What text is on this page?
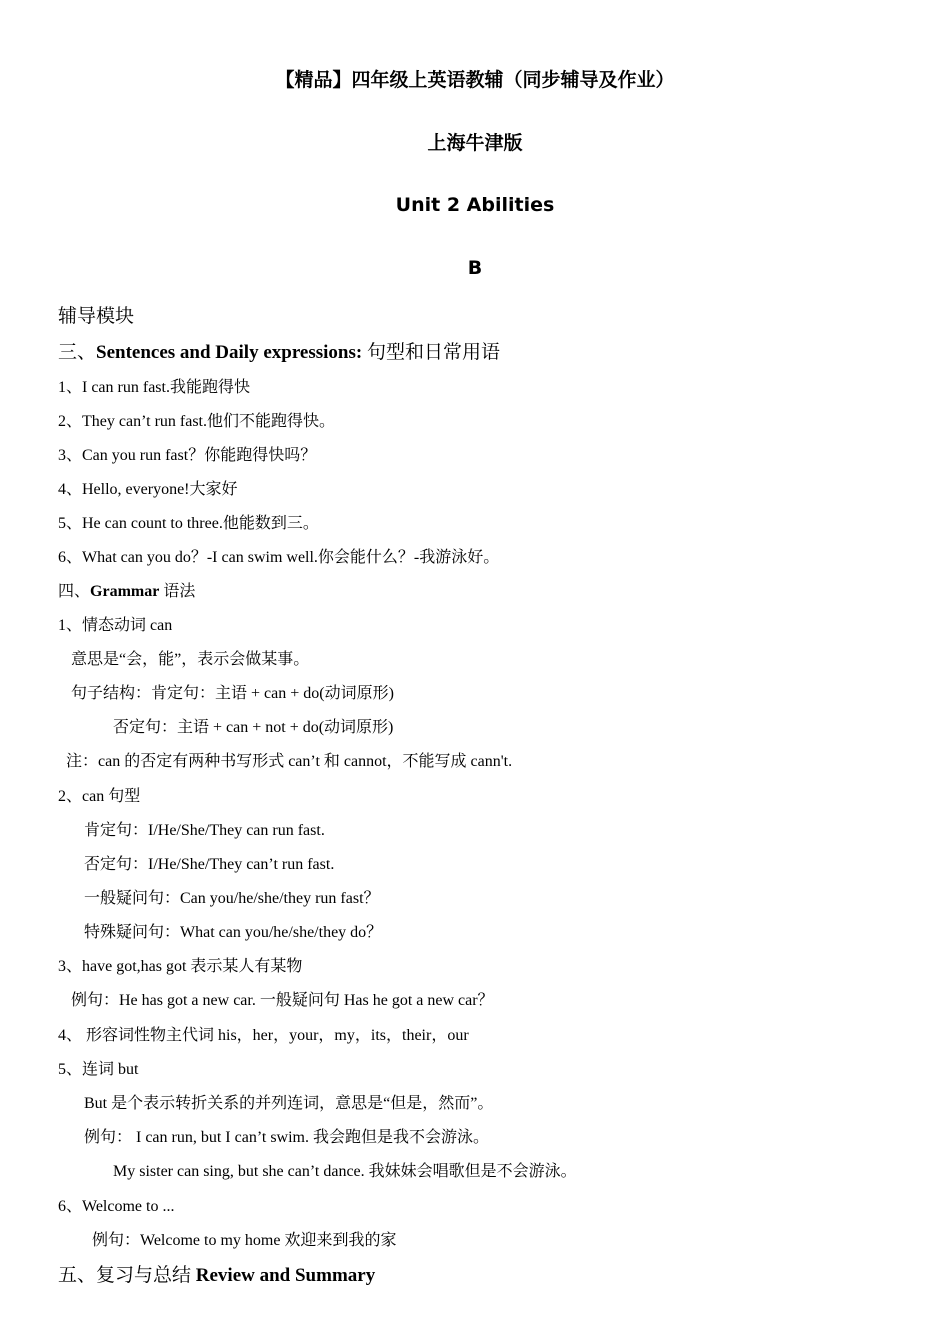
【精品】四年级上英语教辅（同步辅导及作业）
上海牛津版
Unit 2 Abilities
B
辅导模块
三、Sentences and Daily expressions: 句型和日常用语
1、I can run fast.我能跑得快
2、They can’t run fast.他们不能跑得快。
3、Can you run fast？你能跑得快吗？
4、Hello, everyone!大家好
5、He can count to three.他能数到三。
6、What can you do？-I can swim well.你会能什么？-我游泳好。
四、Grammar 语法
1、情态动词 can
意思是“会，能”，表示会做某事。
句子结构：肯定句：主语 + can + do(动词原形)
否定句：主语 + can + not + do(动词原形)
注：can 的否定有两种书写形式 can’t 和 cannot，不能写成 cann't.
2、can 句型
肯定句：I/He/She/They can run fast.
否定句：I/He/She/They can’t run fast.
一般疑问句：Can you/he/she/they run fast？
特殊疑问句：What can you/he/she/they do？
3、have got,has got 表示某人有某物
例句：He has got a new car. 一般疑问句 Has he got a new car？
4、 形容词性物主代词 his，her，your，my，its，their，our
5、连词 but
But 是个表示转折关系的并列连词，意思是“但是，然而”。
例句： I can run, but I can’t swim. 我会跑但是我不会游泳。
My sister can sing, but she can’t dance. 我妹妹会唱歌但是不会游泳。
6、Welcome to ...
例句：Welcome to my home 欢迎来到我的家
五、复习与总结 Review and Summary
